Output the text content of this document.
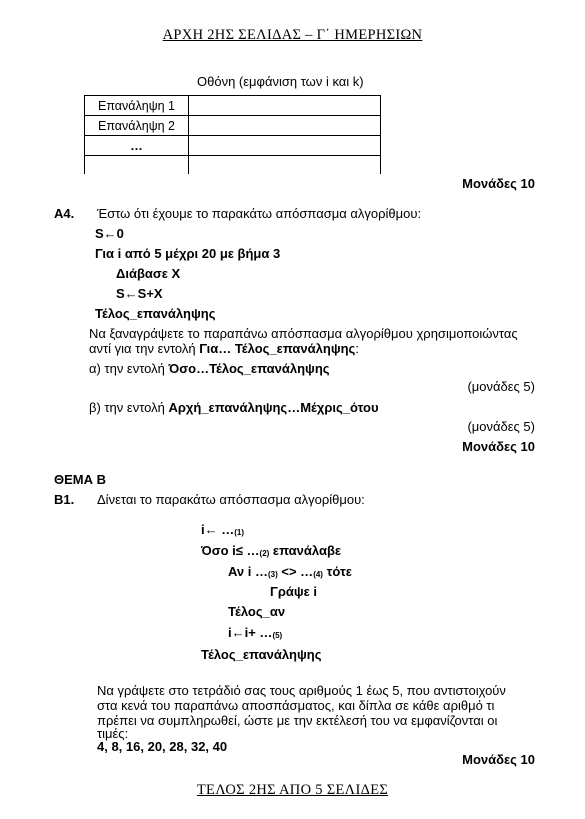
ΑΡΧΗ 2ΗΣ ΣΕΛΙΔΑΣ – Γ΄ ΗΜΕΡΗΣΙΩΝ
Οθόνη (εμφάνιση των i και k)
Επανάληψη 1	
Επανάληψη 2	
…	

Μονάδες 10
Α4. Έστω ότι έχουμε το παρακάτω απόσπασμα αλγορίθμου:
S←0
Για i από 5 μέχρι 20 με βήμα 3
Διάβασε Χ
S←S+X
Τέλος_επανάληψης
Να ξαναγράψετε το παραπάνω απόσπασμα αλγορίθμου χρησιμοποιώντας
αντί για την εντολή Για… Τέλος_επανάληψης:
α) την εντολή Όσο…Τέλος_επανάληψης
(μονάδες 5)
β) την εντολή Αρχή_επανάληψης…Μέχρις_ότου
(μονάδες 5)
Μονάδες 10
ΘΕΜΑ Β
Β1. Δίνεται το παρακάτω απόσπασμα αλγορίθμου:
i← …(1)
Όσο i≤ …(2) επανάλαβε
Αν i …(3) <> …(4) τότε
Γράψε i
Τέλος_αν
i←i+ …(5)
Τέλος_επανάληψης
Να γράψετε στο τετράδιό σας τους αριθμούς 1 έως 5, που αντιστοιχούν
στα κενά του παραπάνω αποσπάσματος, και δίπλα σε κάθε αριθμό τι
πρέπει να συμπληρωθεί, ώστε με την εκτέλεσή του να εμφανίζονται οι
τιμές:
4, 8, 16, 20, 28, 32, 40
Μονάδες 10
ΤΕΛΟΣ 2ΗΣ ΑΠΟ 5 ΣΕΛΙΔΕΣ
